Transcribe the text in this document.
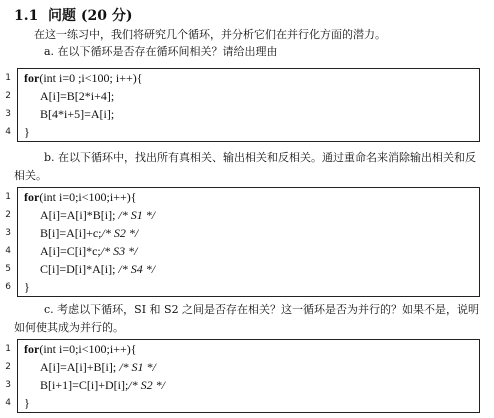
1.1 问题 (20 分)
在这一练习中，我们将研究几个循环，并分析它们在并行化方面的潜力。
a. 在以下循环是否存在循环间相关？请给出理由
1 for(int i=0 ;i<100; i++){
2 A[i]=B[2*i+4];
3 B[4*i+5]=A[i];
4 }
b. 在以下循环中，找出所有真相关、输出相关和反相关。通过重命名来消除输出相关和反相关。
1 for(int i=0;i<100;i++){
2 A[i]=A[i]*B[i]; /* S1 */
3 B[i]=A[i]+c;/* S2 */
4 A[i]=C[i]*c;/* S3 */
5 C[i]=D[i]*A[i]; /* S4 */
6 }
c. 考虑以下循环，SI 和 S2 之间是否存在相关？这一循环是否为并行的？如果不是，说明如何使其成为并行的。
1 for(int i=0;i<100;i++){
2 A[i]=A[i]+B[i]; /* S1 */
3 B[i+1]=C[i]+D[i];/* S2 */
4 }
